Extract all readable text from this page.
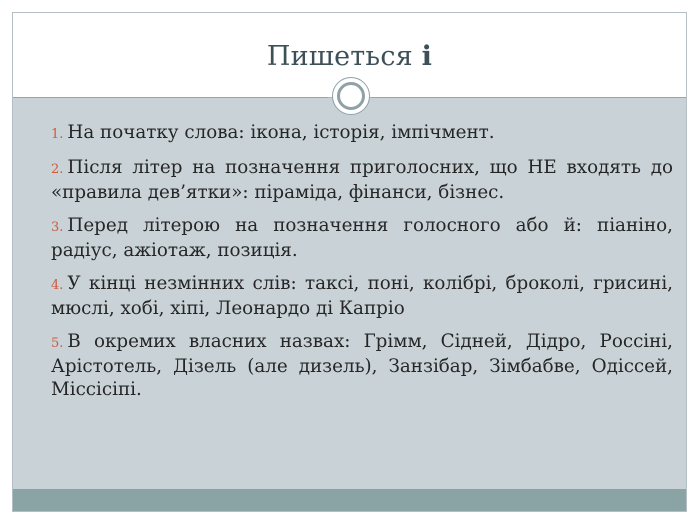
Пишеться і
1. На початку слова: ікона, історія, імпічмент.
2. Після літер на позначення приголосних, що НЕ входять до «правила дев’ятки»: піраміда, фінанси, бізнес.
3. Перед літерою на позначення голосного або й: піаніно, радіус, ажіотаж, позиція.
4. У кінці незмінних слів: таксі, поні, колібрі, броколі, грисині, мюслі, хобі, хіпі, Леонардо ді Капріо
5. В окремих власних назвах: Грімм, Сідней, Дідро, Россіні, Арістотель, Дізель (але дизель), Занзібар, Зімбабве, Одіссей, Міссісіпі.
